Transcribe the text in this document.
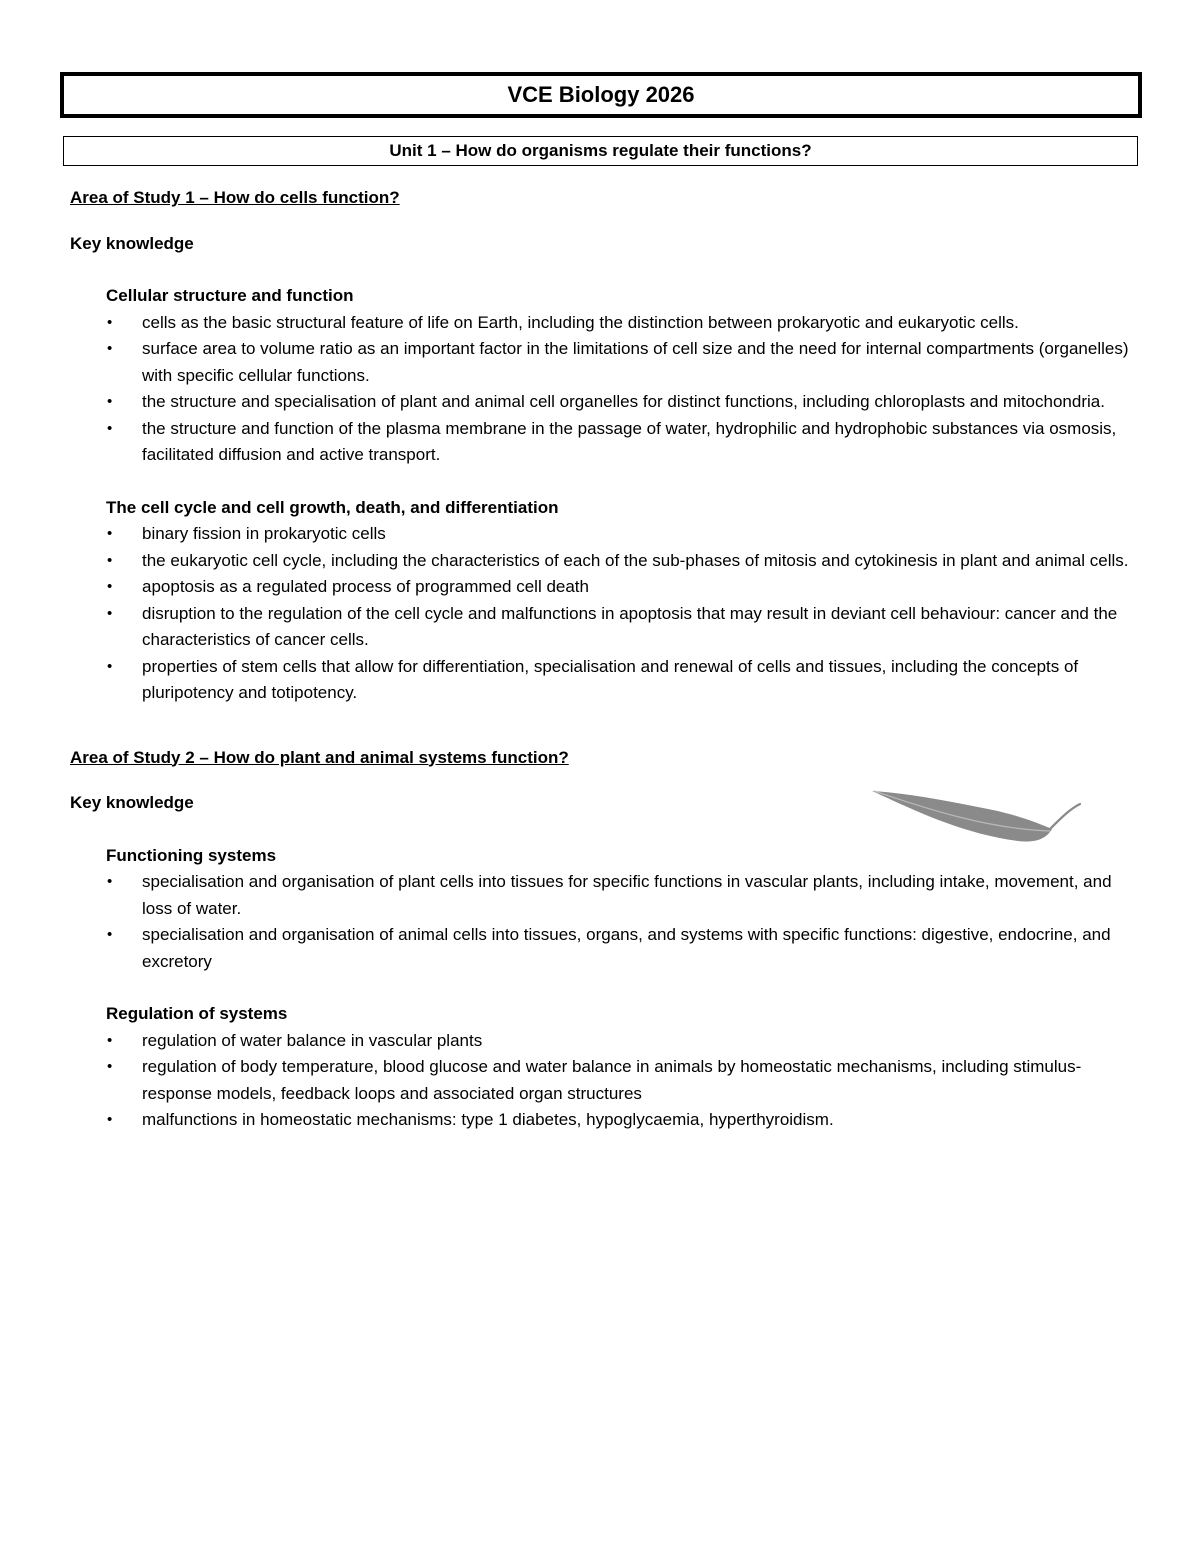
VCE Biology 2026
Unit 1 – How do organisms regulate their functions?

Area of Study 1 – How do cells function?

Key knowledge

Cellular structure and function

• cells as the basic structural feature of life on Earth, including the distinction between prokaryotic and eukaryotic cells.
• surface area to volume ratio as an important factor in the limitations of cell size and the need for internal compartments (organelles) with specific cellular functions.
• the structure and specialisation of plant and animal cell organelles for distinct functions, including chloroplasts and mitochondria.
• the structure and function of the plasma membrane in the passage of water, hydrophilic and hydrophobic substances via osmosis, facilitated diffusion and active transport.

The cell cycle and cell growth, death, and differentiation

• binary fission in prokaryotic cells
• the eukaryotic cell cycle, including the characteristics of each of the sub-phases of mitosis and cytokinesis in plant and animal cells.
• apoptosis as a regulated process of programmed cell death
• disruption to the regulation of the cell cycle and malfunctions in apoptosis that may result in deviant cell behaviour: cancer and the characteristics of cancer cells.
• properties of stem cells that allow for differentiation, specialisation and renewal of cells and tissues, including the concepts of pluripotency and totipotency.

Area of Study 2 – How do plant and animal systems function?

Key knowledge

Functioning systems

• specialisation and organisation of plant cells into tissues for specific functions in vascular plants, including intake, movement, and loss of water.
• specialisation and organisation of animal cells into tissues, organs, and systems with specific functions: digestive, endocrine, and excretory

Regulation of systems

• regulation of water balance in vascular plants
• regulation of body temperature, blood glucose and water balance in animals by homeostatic mechanisms, including stimulus-response models, feedback loops and associated organ structures
• malfunctions in homeostatic mechanisms: type 1 diabetes, hypoglycaemia, hyperthyroidism.
